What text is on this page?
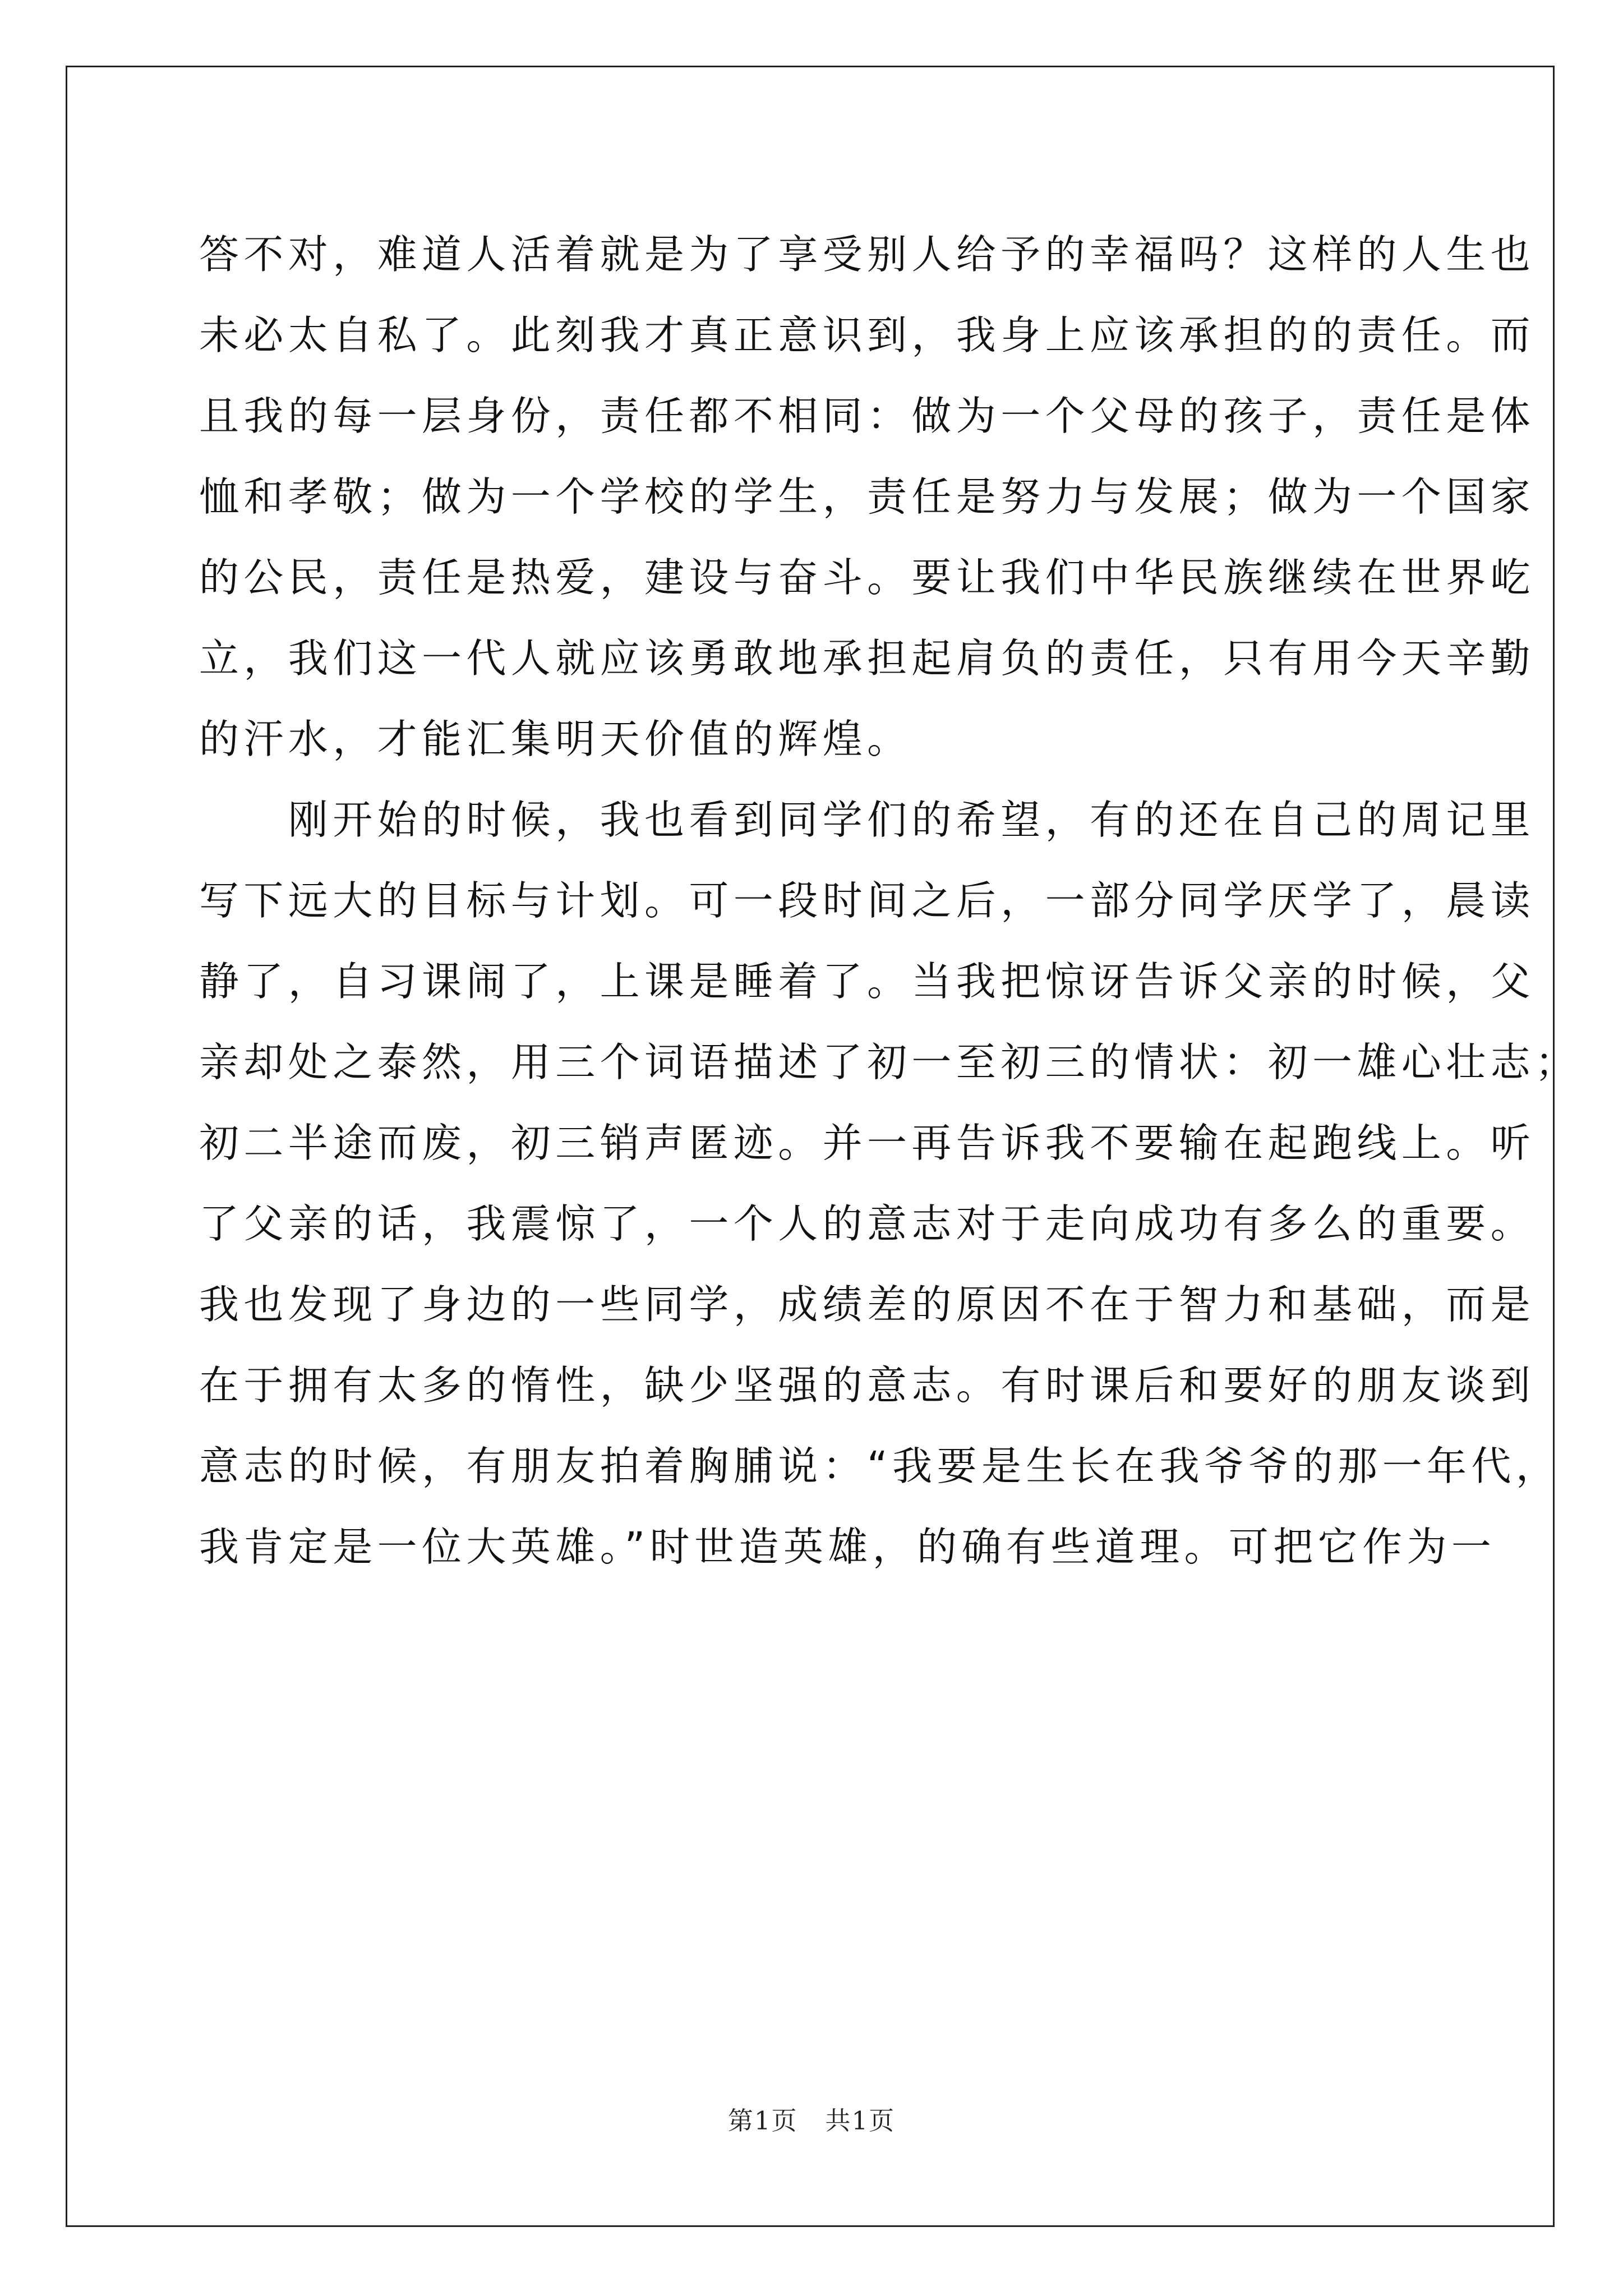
答不对，难道人活着就是为了享受别人给予的幸福吗？这样的人生也
未必太自私了。此刻我才真正意识到，我身上应该承担的的责任。而
且我的每一层身份，责任都不相同：做为一个父母的孩子，责任是体
恤和孝敬；做为一个学校的学生，责任是努力与发展；做为一个国家
的公民，责任是热爱，建设与奋斗。要让我们中华民族继续在世界屹
立，我们这一代人就应该勇敢地承担起肩负的责任，只有用今天辛勤
的汗水，才能汇集明天价值的辉煌。
　　刚开始的时候，我也看到同学们的希望，有的还在自己的周记里
写下远大的目标与计划。可一段时间之后，一部分同学厌学了，晨读
静了，自习课闹了，上课是睡着了。当我把惊讶告诉父亲的时候，父
亲却处之泰然，用三个词语描述了初一至初三的情状：初一雄心壮志；
初二半途而废，初三销声匿迹。并一再告诉我不要输在起跑线上。听
了父亲的话，我震惊了，一个人的意志对于走向成功有多么的重要。
我也发现了身边的一些同学，成绩差的原因不在于智力和基础，而是
在于拥有太多的惰性，缺少坚强的意志。有时课后和要好的朋友谈到
意志的时候，有朋友拍着胸脯说：“我要是生长在我爷爷的那一年代，
我肯定是一位大英雄。”时世造英雄，的确有些道理。可把它作为一
第1页   共1页
